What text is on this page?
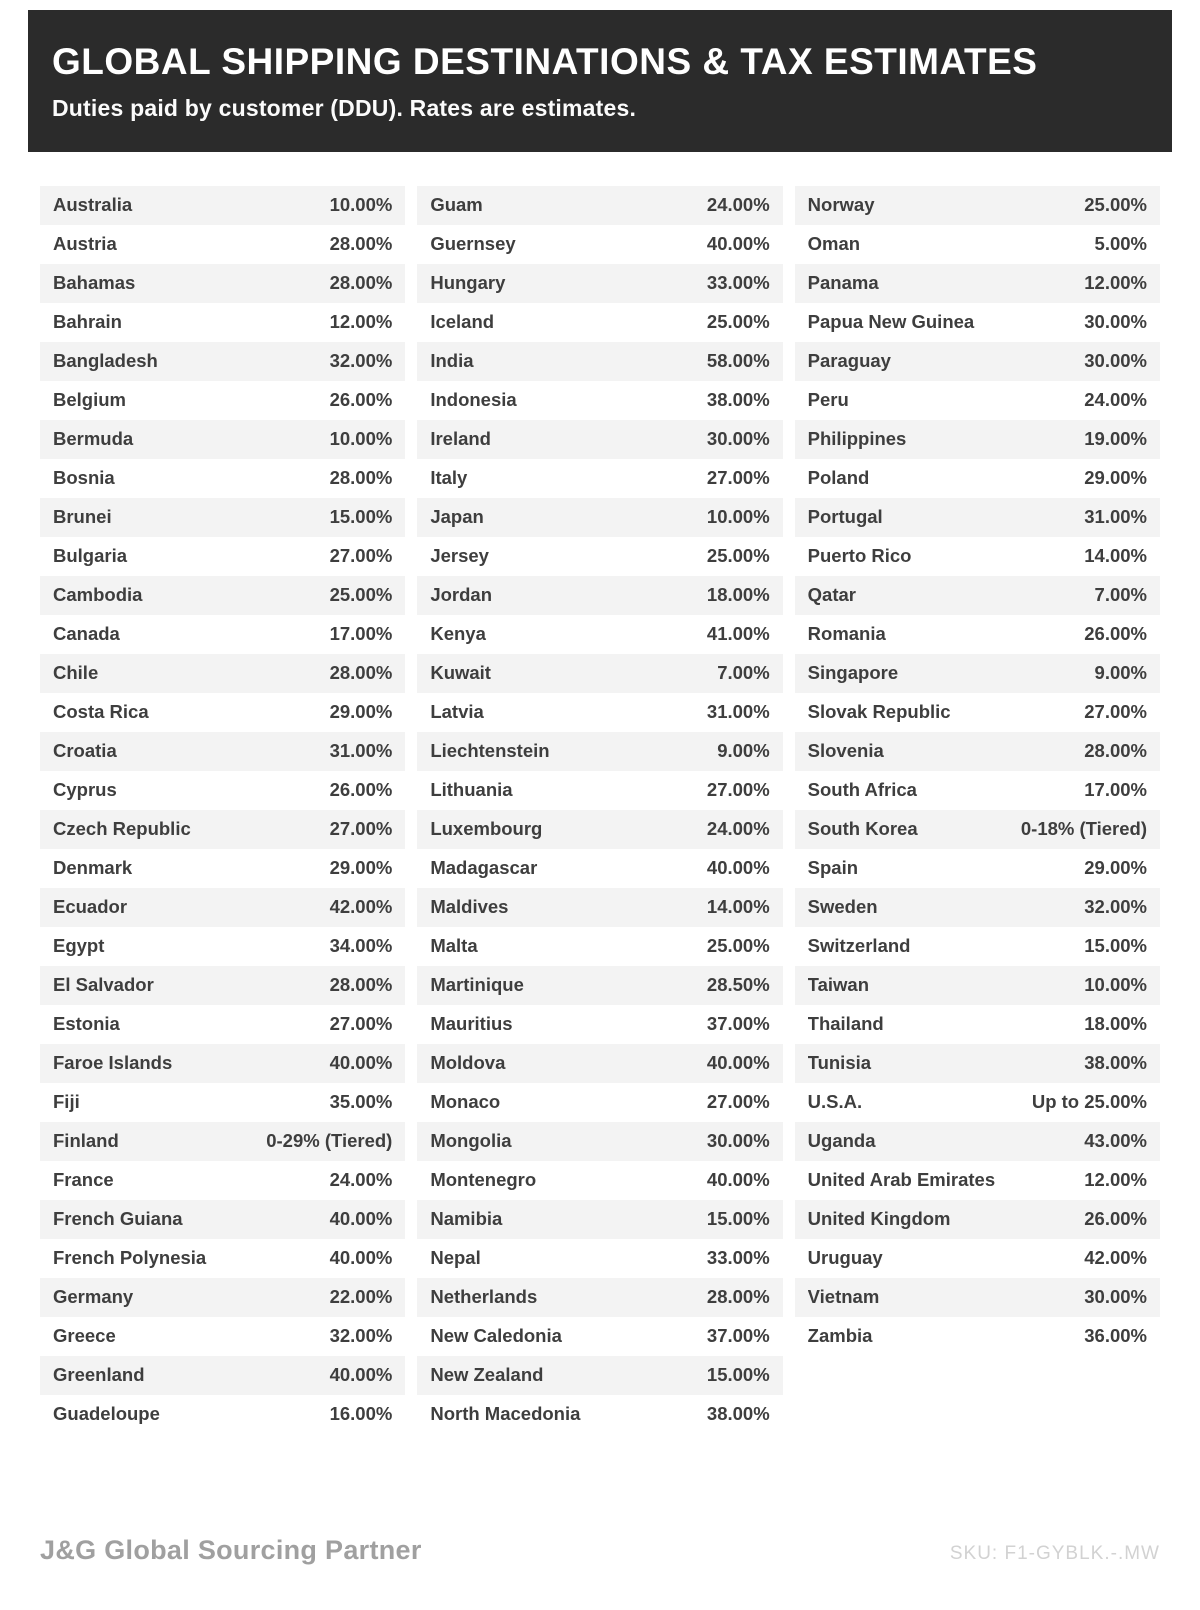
GLOBAL SHIPPING DESTINATIONS & TAX ESTIMATES
Duties paid by customer (DDU). Rates are estimates.
Australia	10.00%
Austria	28.00%
Bahamas	28.00%
Bahrain	12.00%
Bangladesh	32.00%
Belgium	26.00%
Bermuda	10.00%
Bosnia	28.00%
Brunei	15.00%
Bulgaria	27.00%
Cambodia	25.00%
Canada	17.00%
Chile	28.00%
Costa Rica	29.00%
Croatia	31.00%
Cyprus	26.00%
Czech Republic	27.00%
Denmark	29.00%
Ecuador	42.00%
Egypt	34.00%
El Salvador	28.00%
Estonia	27.00%
Faroe Islands	40.00%
Fiji	35.00%
Finland	0-29% (Tiered)
France	24.00%
French Guiana	40.00%
French Polynesia	40.00%
Germany	22.00%
Greece	32.00%
Greenland	40.00%
Guadeloupe	16.00%
Guam	24.00%
Guernsey	40.00%
Hungary	33.00%
Iceland	25.00%
India	58.00%
Indonesia	38.00%
Ireland	30.00%
Italy	27.00%
Japan	10.00%
Jersey	25.00%
Jordan	18.00%
Kenya	41.00%
Kuwait	7.00%
Latvia	31.00%
Liechtenstein	9.00%
Lithuania	27.00%
Luxembourg	24.00%
Madagascar	40.00%
Maldives	14.00%
Malta	25.00%
Martinique	28.50%
Mauritius	37.00%
Moldova	40.00%
Monaco	27.00%
Mongolia	30.00%
Montenegro	40.00%
Namibia	15.00%
Nepal	33.00%
Netherlands	28.00%
New Caledonia	37.00%
New Zealand	15.00%
North Macedonia	38.00%
Norway	25.00%
Oman	5.00%
Panama	12.00%
Papua New Guinea	30.00%
Paraguay	30.00%
Peru	24.00%
Philippines	19.00%
Poland	29.00%
Portugal	31.00%
Puerto Rico	14.00%
Qatar	7.00%
Romania	26.00%
Singapore	9.00%
Slovak Republic	27.00%
Slovenia	28.00%
South Africa	17.00%
South Korea	0-18% (Tiered)
Spain	29.00%
Sweden	32.00%
Switzerland	15.00%
Taiwan	10.00%
Thailand	18.00%
Tunisia	38.00%
U.S.A.	Up to 25.00%
Uganda	43.00%
United Arab Emirates	12.00%
United Kingdom	26.00%
Uruguay	42.00%
Vietnam	30.00%
Zambia	36.00%
J&G Global Sourcing Partner	SKU: F1-GYBLK.-.MW
